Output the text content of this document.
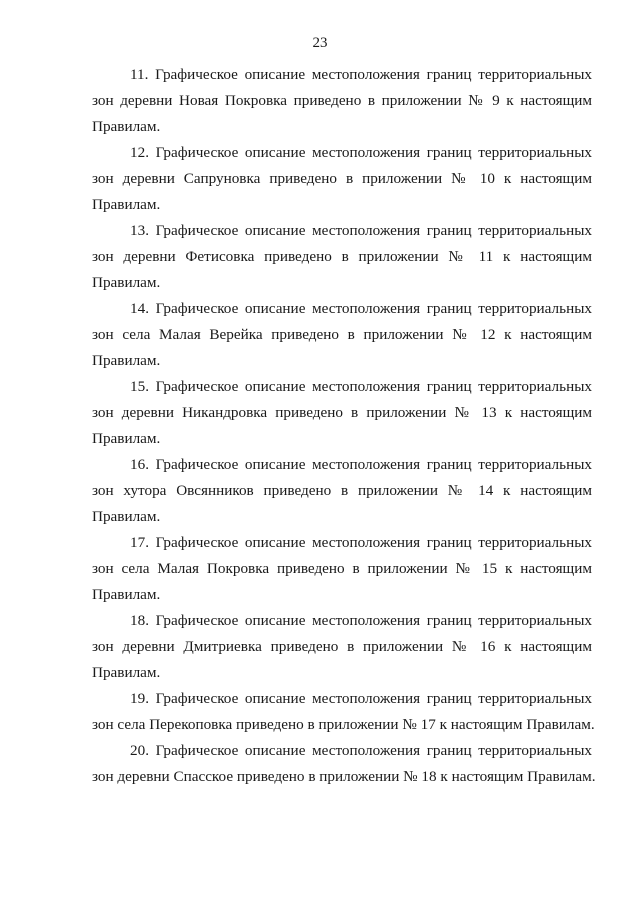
23
11. Графическое описание местоположения границ территориальных
зон деревни Новая Покровка приведено в приложении № 9 к настоящим
Правилам.
12. Графическое описание местоположения границ территориальных
зон деревни Сапруновка приведено в приложении № 10 к настоящим
Правилам.
13. Графическое описание местоположения границ территориальных
зон деревни Фетисовка приведено в приложении № 11 к настоящим
Правилам.
14. Графическое описание местоположения границ территориальных
зон села Малая Верейка приведено в приложении № 12 к настоящим
Правилам.
15. Графическое описание местоположения границ территориальных
зон деревни Никандровка приведено в приложении № 13 к настоящим
Правилам.
16. Графическое описание местоположения границ территориальных
зон хутора Овсянников приведено в приложении № 14 к настоящим
Правилам.
17. Графическое описание местоположения границ территориальных
зон села Малая Покровка приведено в приложении № 15 к настоящим
Правилам.
18. Графическое описание местоположения границ территориальных
зон деревни Дмитриевка приведено в приложении № 16 к настоящим
Правилам.
19. Графическое описание местоположения границ территориальных
зон села Перекоповка приведено в приложении № 17 к настоящим Правилам.
20. Графическое описание местоположения границ территориальных
зон деревни Спасское приведено в приложении № 18 к настоящим Правилам.
